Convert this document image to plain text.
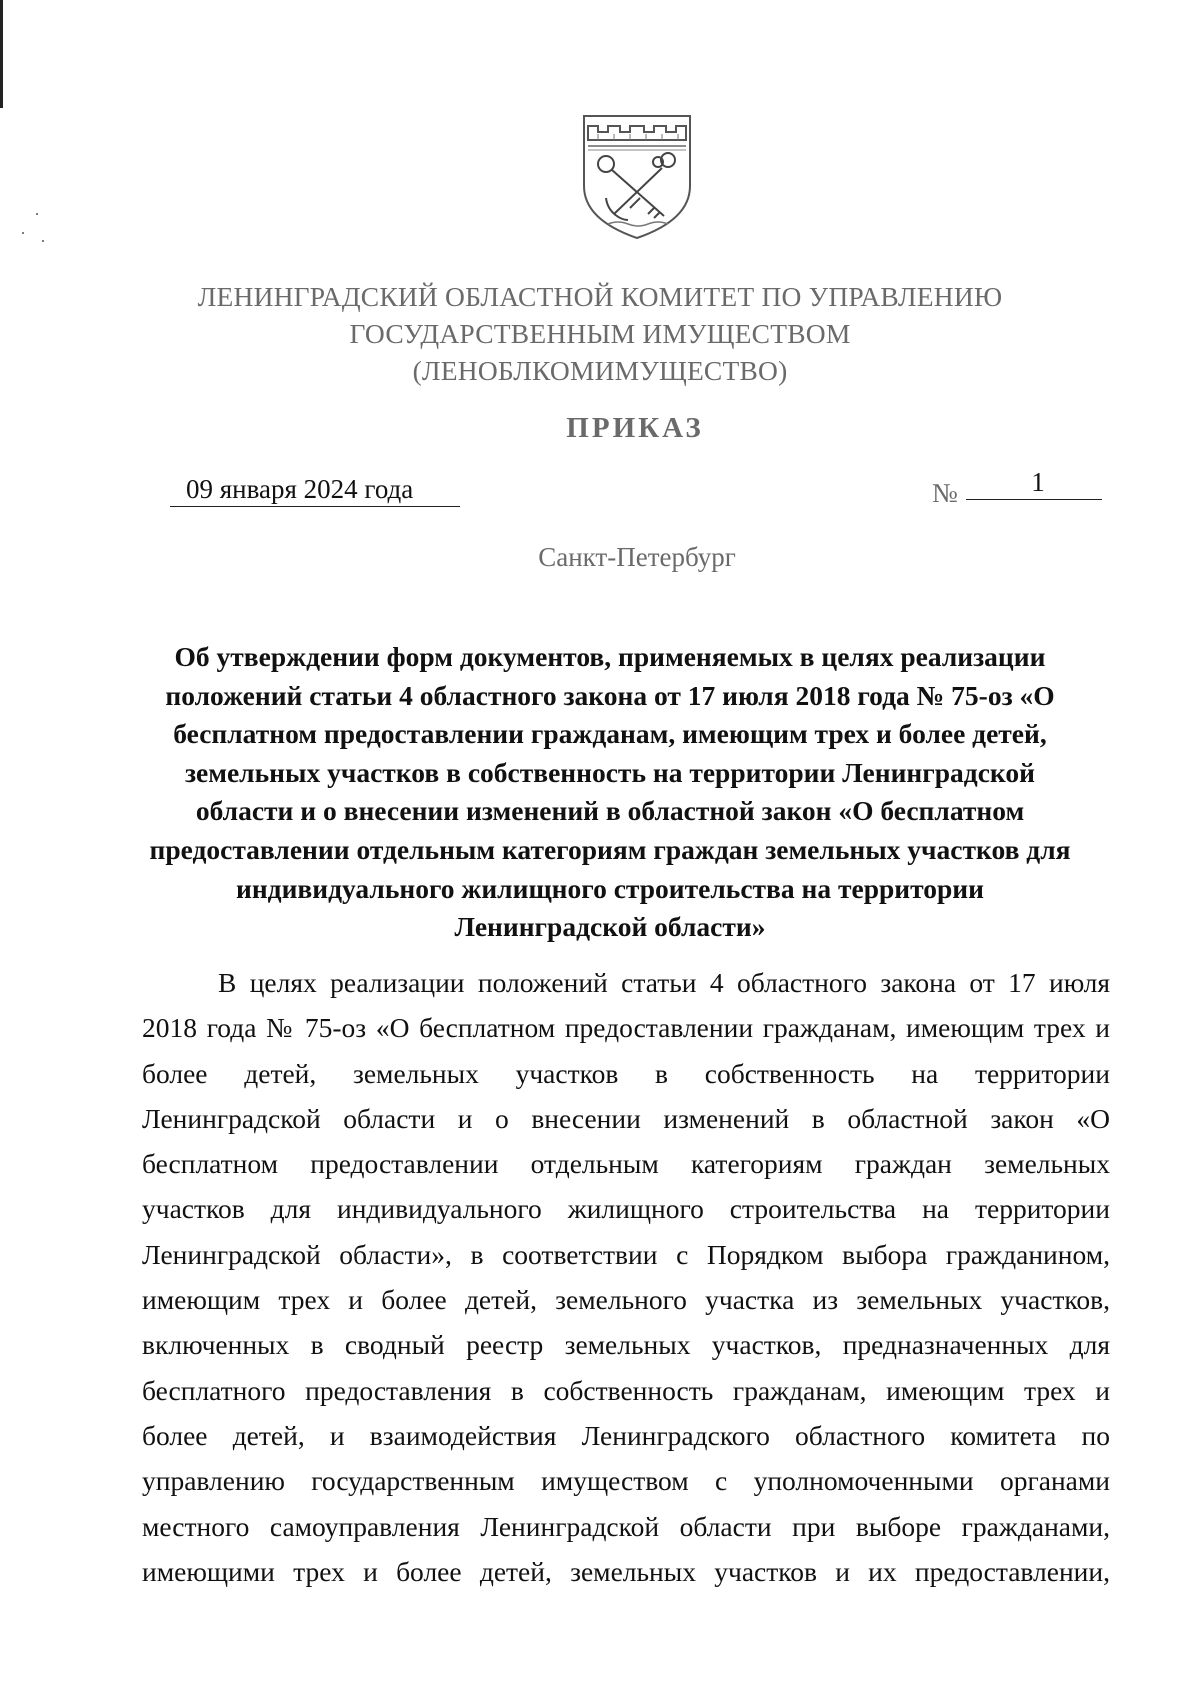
ЛЕНИНГРАДСКИЙ ОБЛАСТНОЙ КОМИТЕТ ПО УПРАВЛЕНИЮ
ГОСУДАРСТВЕННЫМ ИМУЩЕСТВОМ
(ЛЕНОБЛКОМИМУЩЕСТВО)
ПРИКАЗ
09 января 2024 года	№	1
Санкт-Петербург
Об утверждении форм документов, применяемых в целях реализации
положений статьи 4 областного закона от 17 июля 2018 года № 75-оз «О
бесплатном предоставлении гражданам, имеющим трех и более детей,
земельных участков в собственность на территории Ленинградской
области и о внесении изменений в областной закон «О бесплатном
предоставлении отдельным категориям граждан земельных участков для
индивидуального жилищного строительства на территории
Ленинградской области»
В целях реализации положений статьи 4 областного закона от 17 июля
2018 года № 75-оз «О бесплатном предоставлении гражданам, имеющим трех и
более детей, земельных участков в собственность на территории
Ленинградской области и о внесении изменений в областной закон «О
бесплатном предоставлении отдельным категориям граждан земельных
участков для индивидуального жилищного строительства на территории
Ленинградской области», в соответствии с Порядком выбора гражданином,
имеющим трех и более детей, земельного участка из земельных участков,
включенных в сводный реестр земельных участков, предназначенных для
бесплатного предоставления в собственность гражданам, имеющим трех и
более детей, и взаимодействия Ленинградского областного комитета по
управлению государственным имуществом с уполномоченными органами
местного самоуправления Ленинградской области при выборе гражданами,
имеющими трех и более детей, земельных участков и их предоставлении,
